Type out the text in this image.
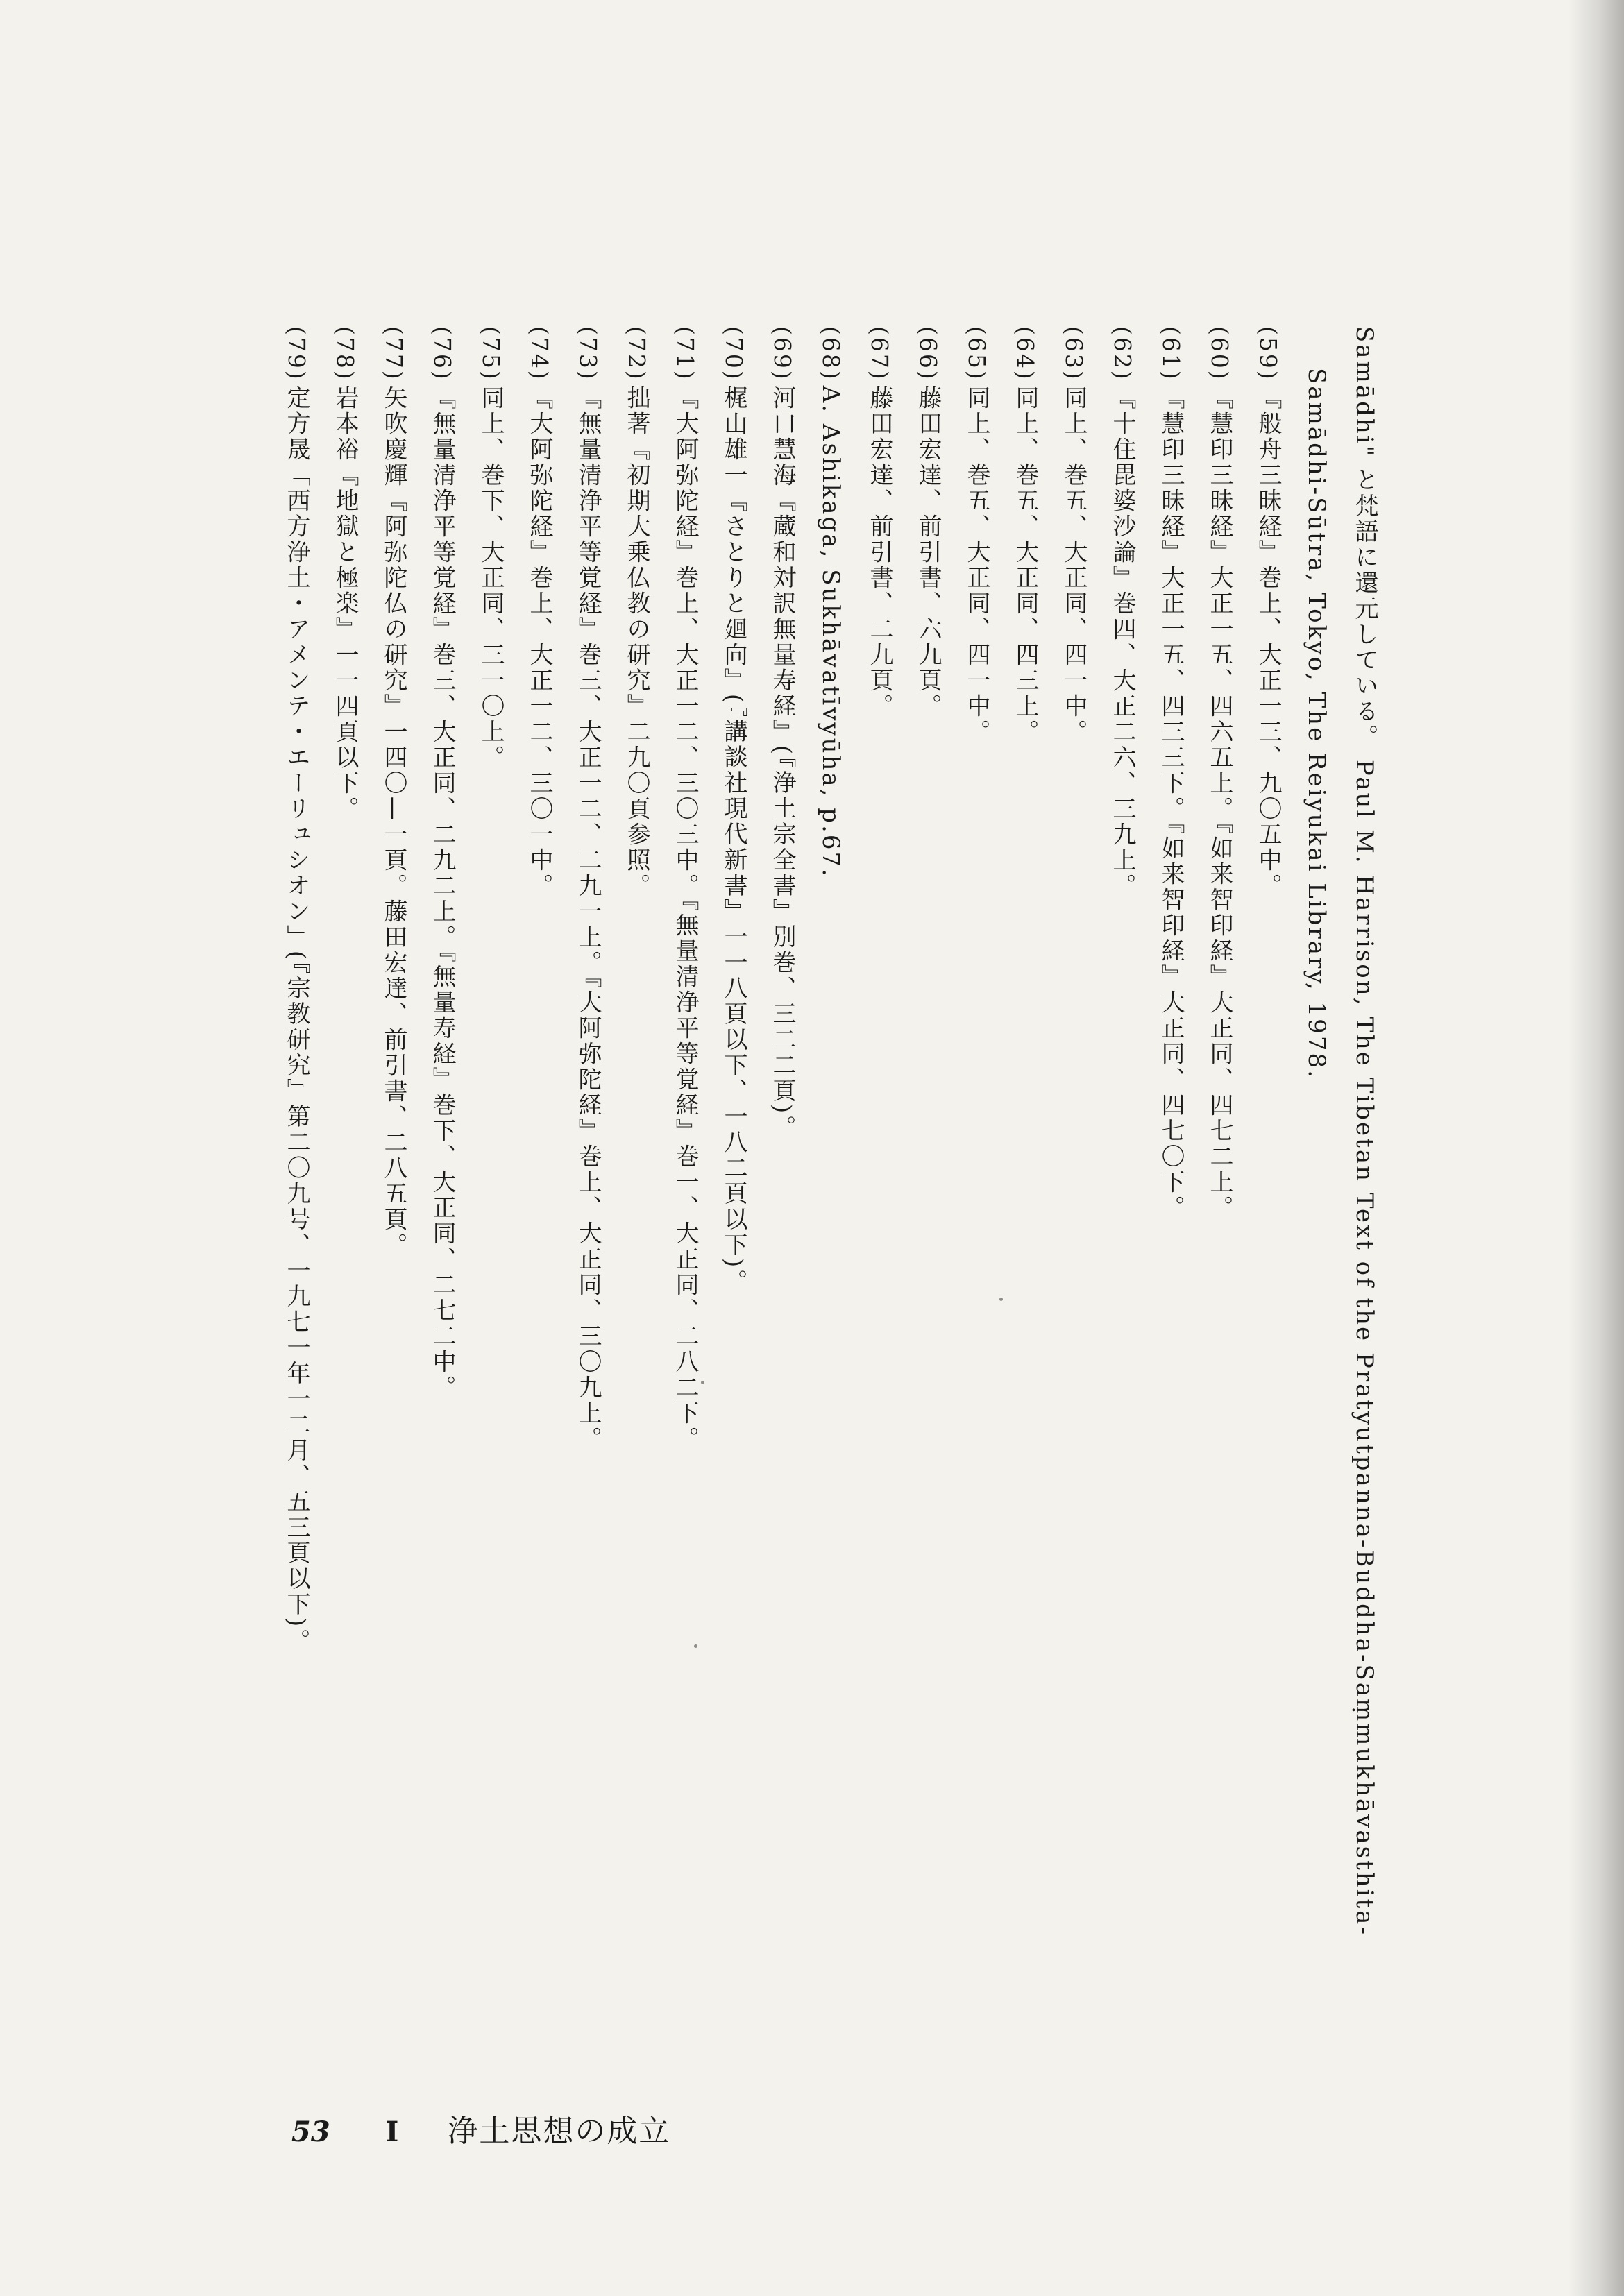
Samādhi" と梵語に還元している。 Paul M. Harrison, The Tibetan Text of the Pratyutpanna-Buddha-Saṃmukhāvasthita-
Samādhi-Sūtra, Tokyo, The Reiyukai Library, 1978.
(59)『般舟三昧経』巻上、大正一三、九〇五中。
(60)『慧印三昧経』大正一五、四六五上。『如来智印経』大正同、四七二上。
(61)『慧印三昧経』大正一五、四三三下。『如来智印経』大正同、四七〇下。
(62)『十住毘婆沙論』巻四、大正二六、三九上。
(63)同上、巻五、大正同、四一中。
(64)同上、巻五、大正同、四三上。
(65)同上、巻五、大正同、四一中。
(66)藤田宏達、前引書、六九頁。
(67)藤田宏達、前引書、二九頁。
(68)A. Ashikaga, Sukhāvatīvyūha, p.67.
(69)河口慧海『蔵和対訳無量寿経』(『浄土宗全書』別巻、三二二頁)。
(70)梶山雄一『さとりと廻向』(『講談社現代新書』一一八頁以下、一八二頁以下)。
(71)『大阿弥陀経』巻上、大正一二、三〇三中。『無量清浄平等覚経』巻一、大正同、二八二下。
(72)拙著『初期大乗仏教の研究』二九〇頁参照。
(73)『無量清浄平等覚経』巻三、大正一二、二九一上。『大阿弥陀経』巻上、大正同、三〇九上。
(74)『大阿弥陀経』巻上、大正一二、三〇一中。
(75)同上、巻下、大正同、三一〇上。
(76)『無量清浄平等覚経』巻三、大正同、二九二上。『無量寿経』巻下、大正同、二七二中。
(77)矢吹慶輝『阿弥陀仏の研究』一四〇—一頁。藤田宏達、前引書、二八五頁。
(78)岩本裕『地獄と極楽』一一四頁以下。
(79)定方晟「西方浄土・アメンテ・エーリュシオン」(『宗教研究』第二〇九号、一九七一年一二月、五三頁以下)。
53 I 浄土思想の成立
